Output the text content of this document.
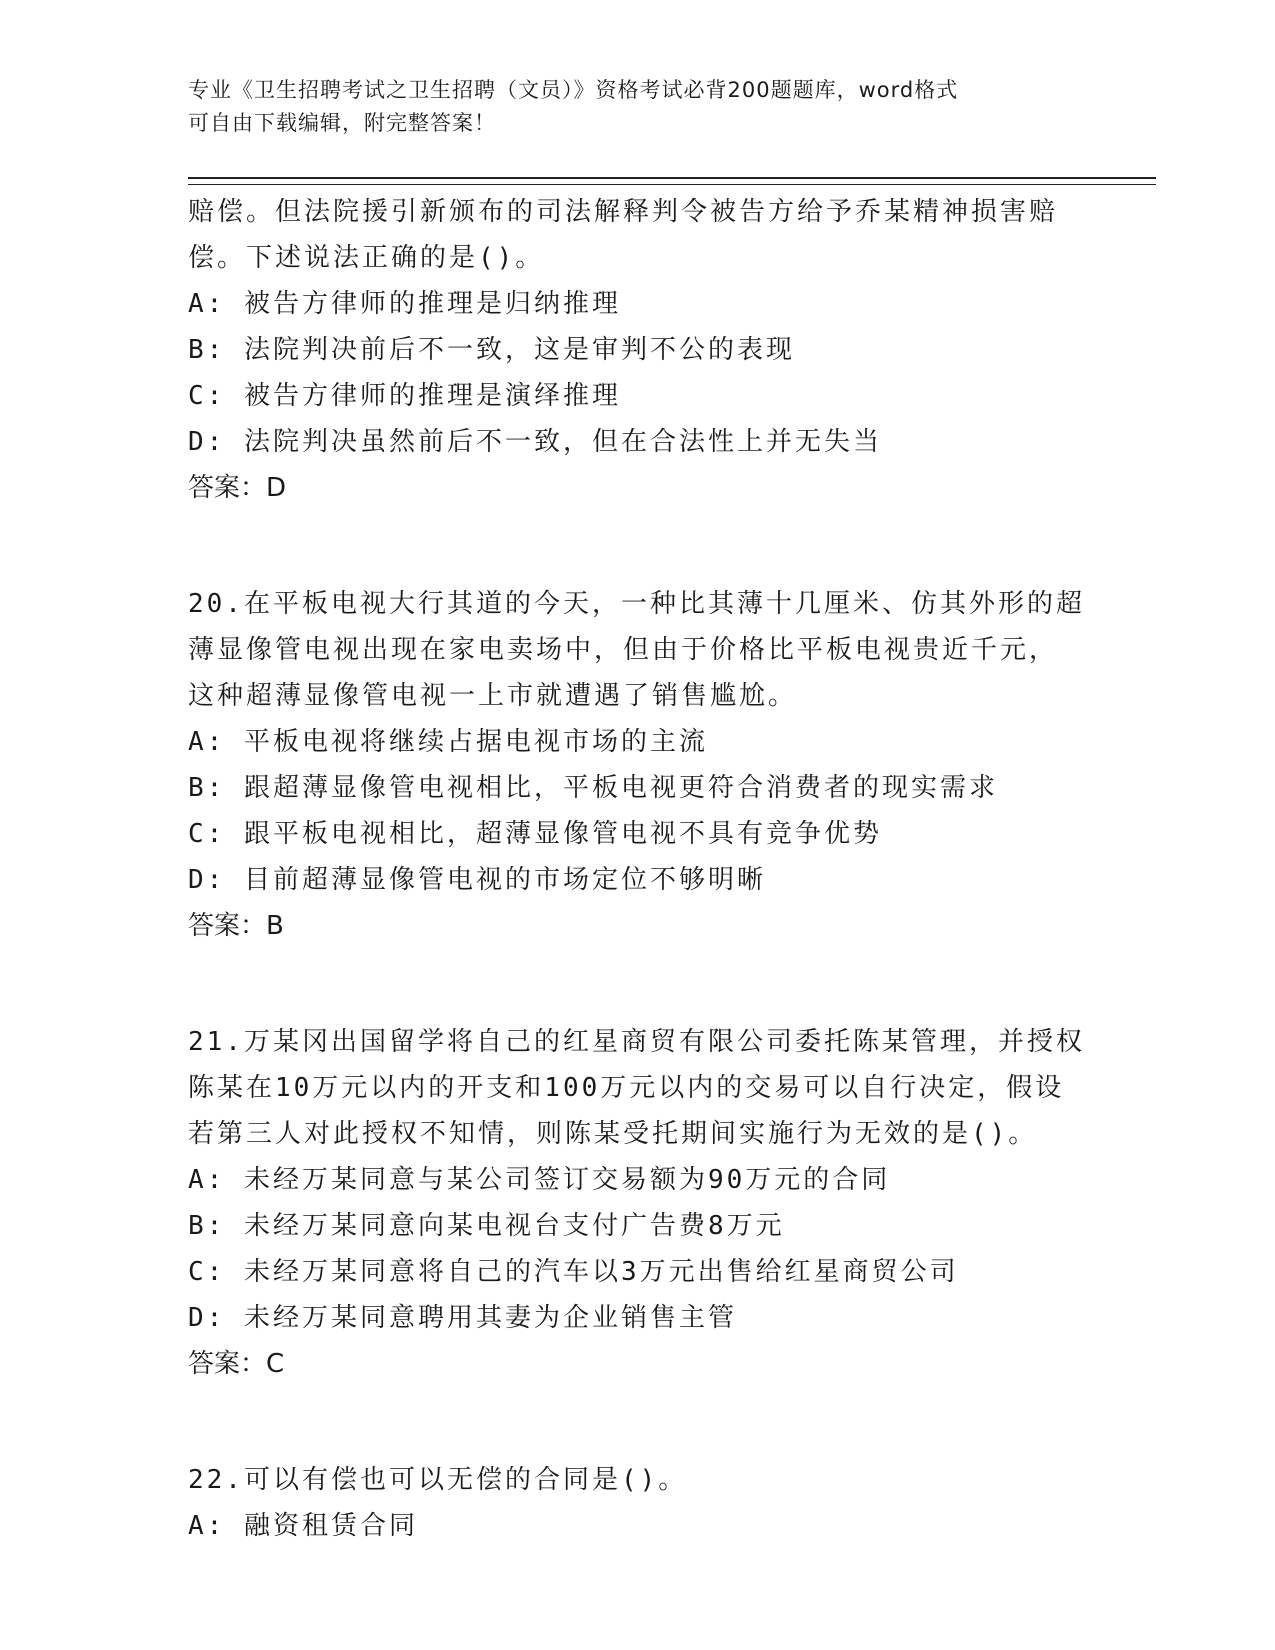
专业《卫生招聘考试之卫生招聘（文员）》资格考试必背200题题库，word格式
可自由下载编辑，附完整答案！
赔偿。但法院援引新颁布的司法解释判令被告方给予乔某精神损害赔
偿。下述说法正确的是()。
A: 被告方律师的推理是归纳推理
B: 法院判决前后不一致，这是审判不公的表现
C: 被告方律师的推理是演绎推理
D: 法院判决虽然前后不一致，但在合法性上并无失当
答案：D
20.在平板电视大行其道的今天，一种比其薄十几厘米、仿其外形的超
薄显像管电视出现在家电卖场中，但由于价格比平板电视贵近千元，
这种超薄显像管电视一上市就遭遇了销售尴尬。
A: 平板电视将继续占据电视市场的主流
B: 跟超薄显像管电视相比，平板电视更符合消费者的现实需求
C: 跟平板电视相比，超薄显像管电视不具有竞争优势
D: 目前超薄显像管电视的市场定位不够明晰
答案：B
21.万某冈出国留学将自己的红星商贸有限公司委托陈某管理，并授权
陈某在10万元以内的开支和100万元以内的交易可以自行决定，假设
若第三人对此授权不知情，则陈某受托期间实施行为无效的是()。
A: 未经万某同意与某公司签订交易额为90万元的合同
B: 未经万某同意向某电视台支付广告费8万元
C: 未经万某同意将自己的汽车以3万元出售给红星商贸公司
D: 未经万某同意聘用其妻为企业销售主管
答案：C
22.可以有偿也可以无偿的合同是()。
A: 融资租赁合同
